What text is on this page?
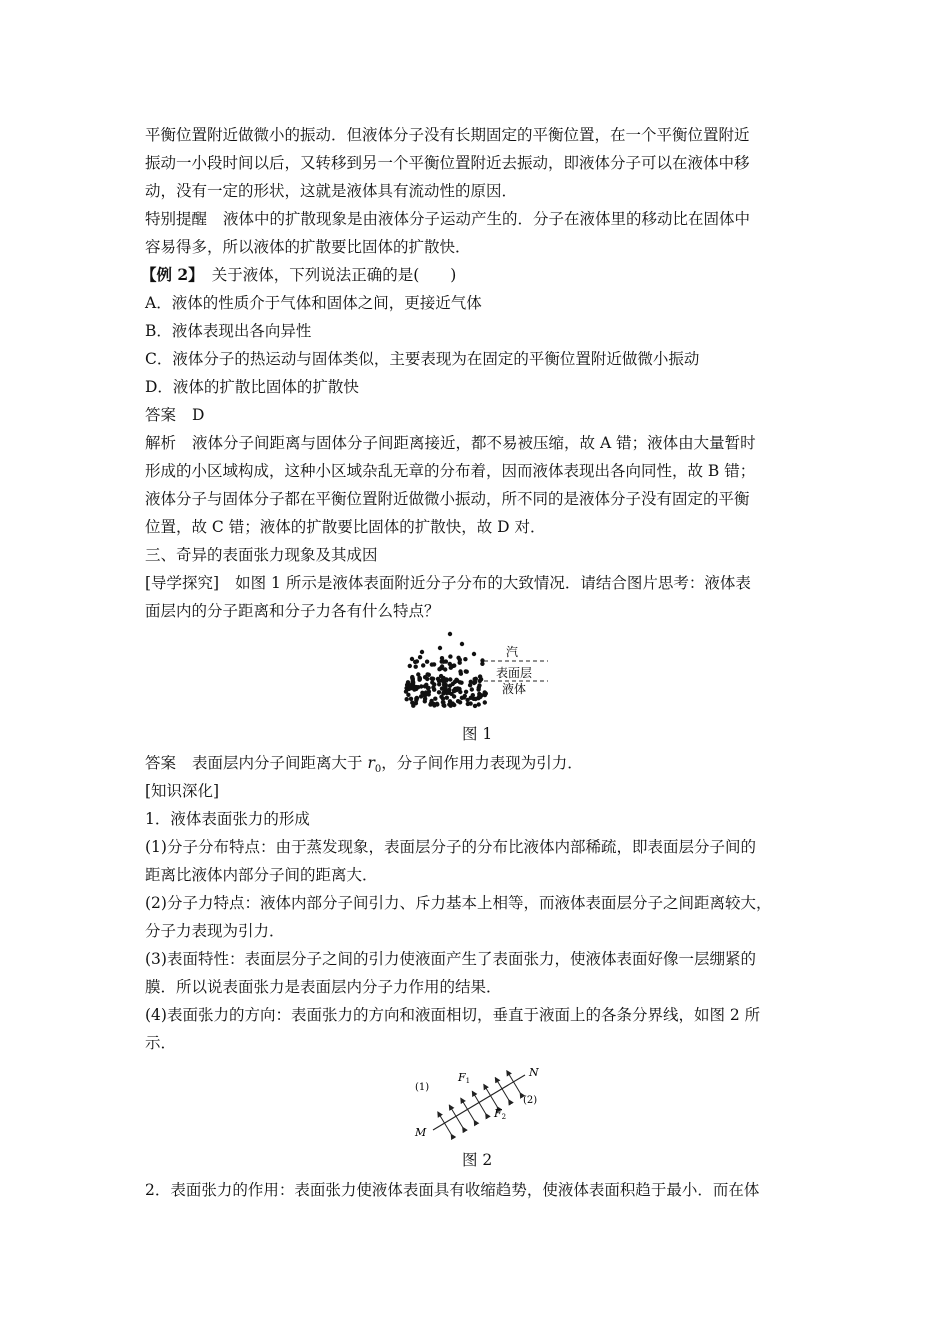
平衡位置附近做微小的振动．但液体分子没有长期固定的平衡位置，在一个平衡位置附近
振动一小段时间以后，又转移到另一个平衡位置附近去振动，即液体分子可以在液体中移
动，没有一定的形状，这就是液体具有流动性的原因．
特别提醒 液体中的扩散现象是由液体分子运动产生的．分子在液体里的移动比在固体中
容易得多，所以液体的扩散要比固体的扩散快．
【例 2】 关于液体，下列说法正确的是(　　)
A．液体的性质介于气体和固体之间，更接近气体
B．液体表现出各向异性
C．液体分子的热运动与固体类似，主要表现为在固定的平衡位置附近做微小振动
D．液体的扩散比固体的扩散快
答案 D
解析 液体分子间距离与固体分子间距离接近，都不易被压缩，故 A 错；液体由大量暂时
形成的小区域构成，这种小区域杂乱无章的分布着，因而液体表现出各向同性，故 B 错；
液体分子与固体分子都在平衡位置附近做微小振动，所不同的是液体分子没有固定的平衡
位置，故 C 错；液体的扩散要比固体的扩散快，故 D 对．
三、奇异的表面张力现象及其成因
[导学探究] 如图 1 所示是液体表面附近分子分布的大致情况．请结合图片思考：液体表
面层内的分子距离和分子力各有什么特点？
汽
表面层
液体
图 1
答案 表面层内分子间距离大于 $r_0$，分子间作用力表现为引力．
[知识深化]
1．液体表面张力的形成
(1)分子分布特点：由于蒸发现象，表面层分子的分布比液体内部稀疏，即表面层分子间的
距离比液体内部分子间的距离大．
(2)分子力特点：液体内部分子间引力、斥力基本上相等，而液体表面层分子之间距离较大，
分子力表现为引力．
(3)表面特性：表面层分子之间的引力使液面产生了表面张力，使液体表面好像一层绷紧的
膜．所以说表面张力是表面层内分子力作用的结果．
(4)表面张力的方向：表面张力的方向和液面相切，垂直于液面上的各条分界线，如图 2 所
示．
(1)
(2)
M
N
F1
F2
图 2
2．表面张力的作用：表面张力使液体表面具有收缩趋势，使液体表面积趋于最小．而在体
